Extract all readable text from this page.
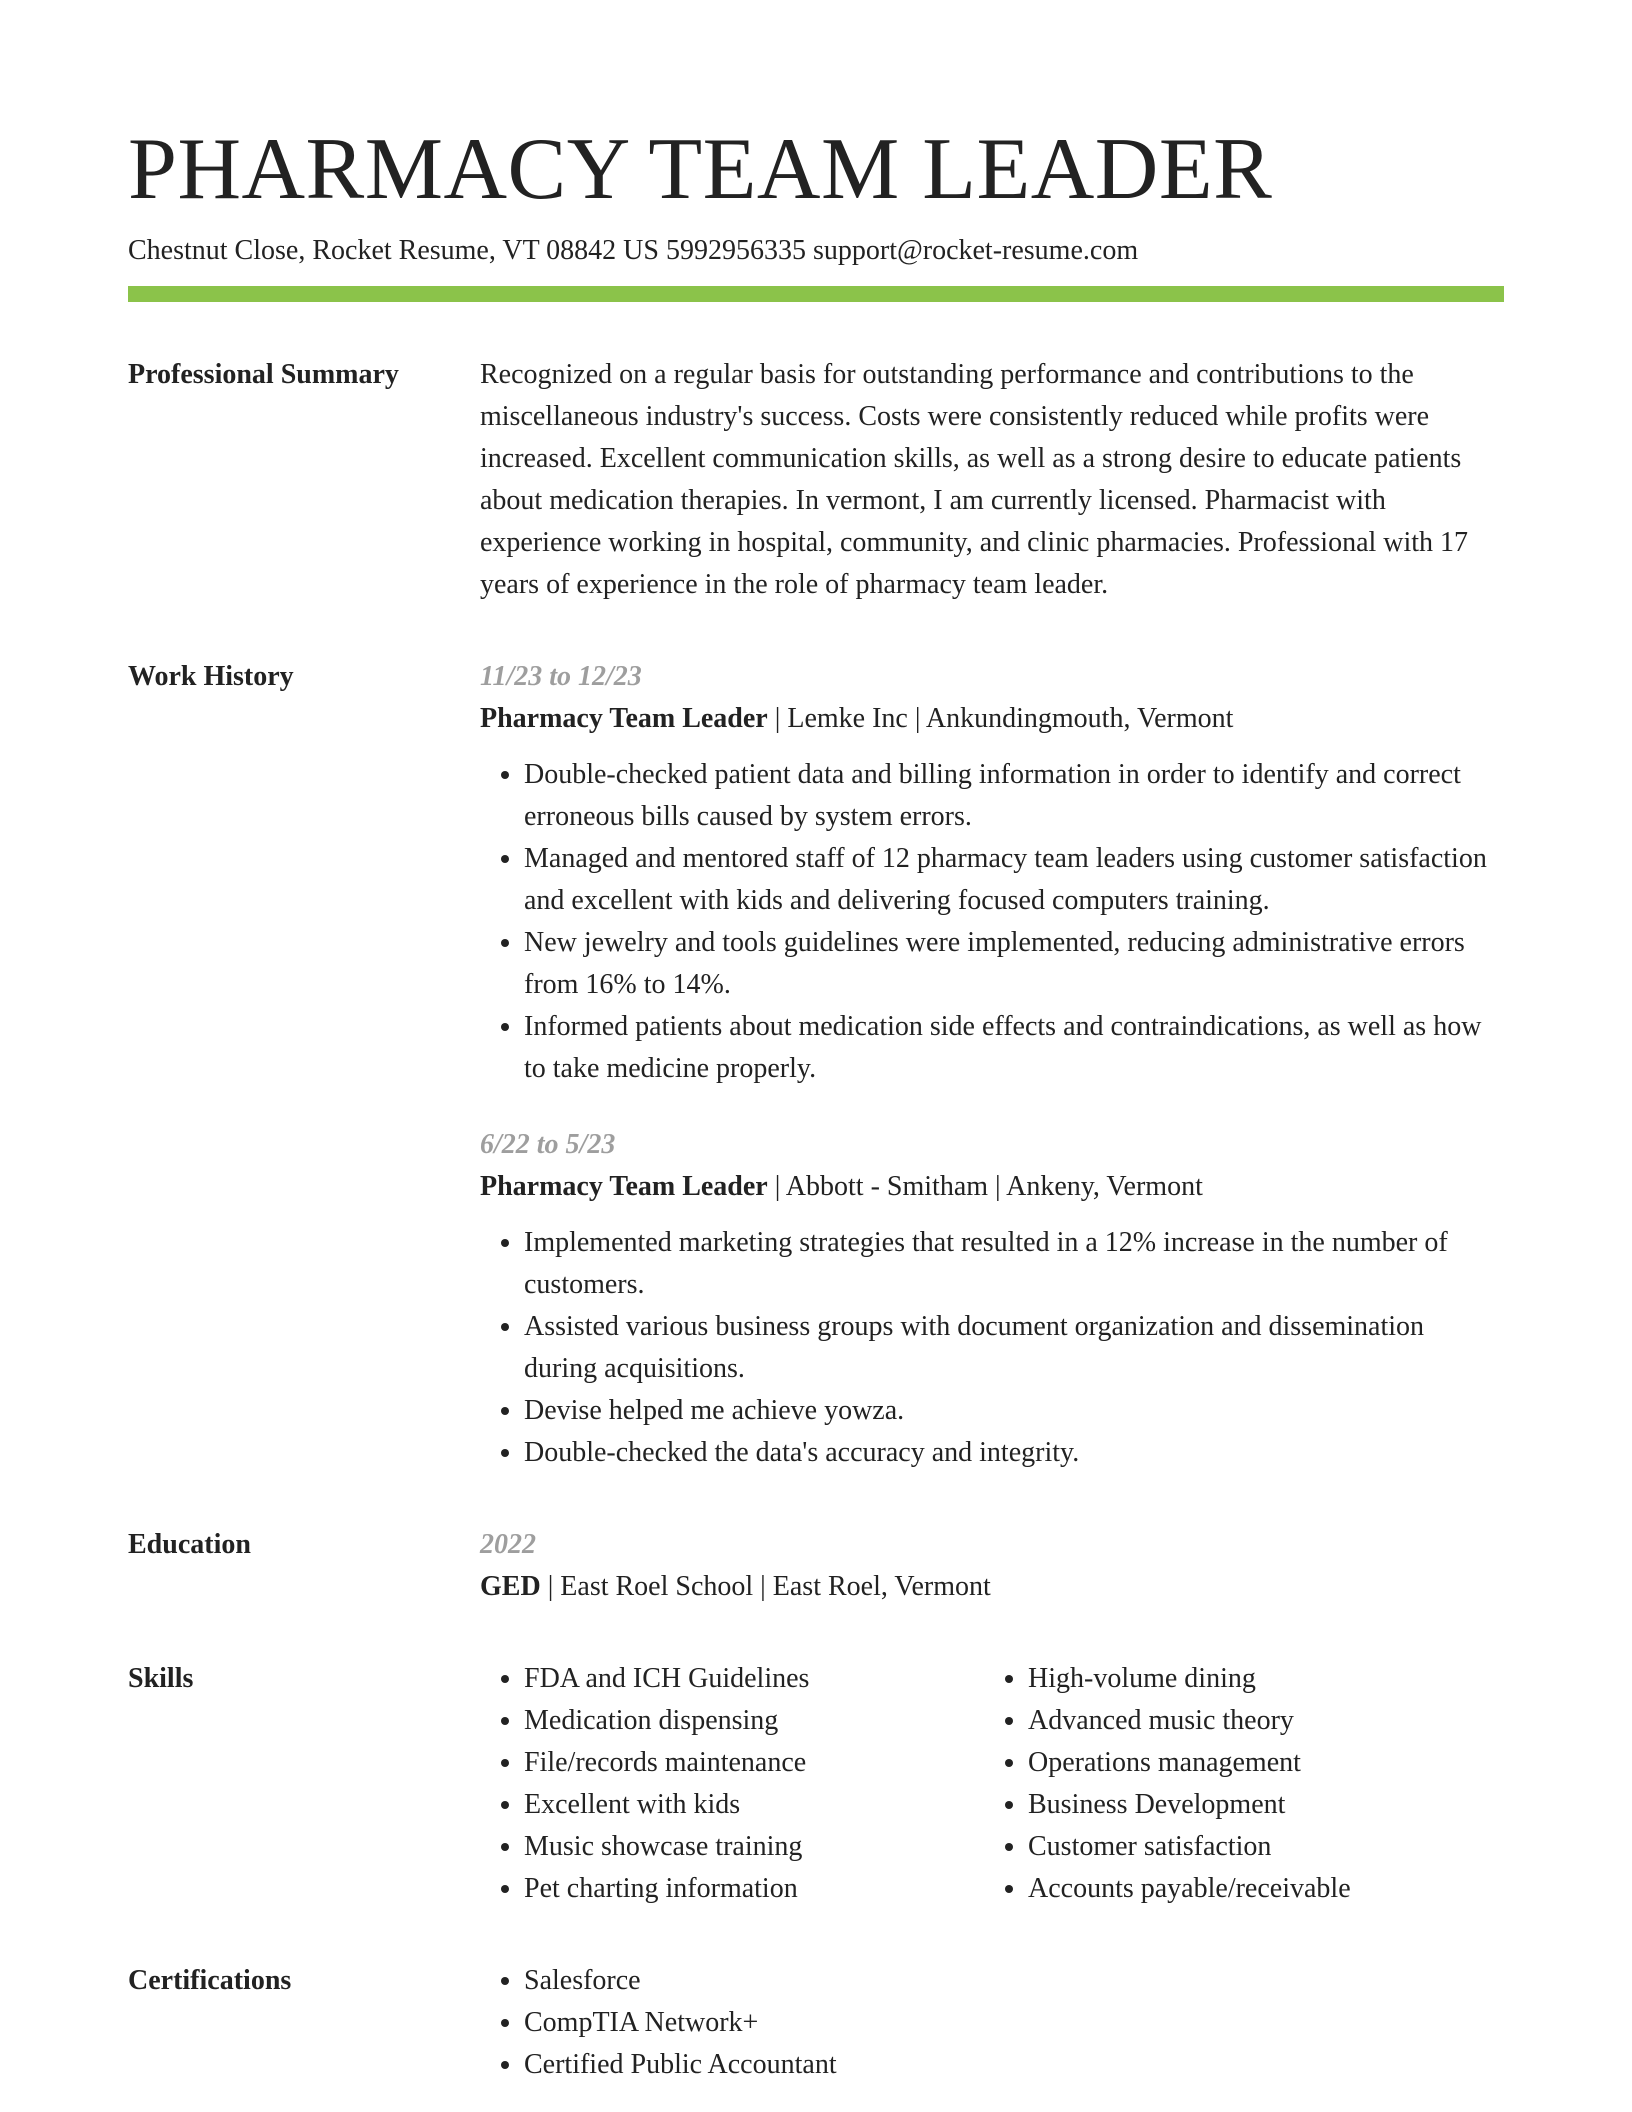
PHARMACY TEAM LEADER
Chestnut Close, Rocket Resume, VT 08842 US 5992956335 support@rocket-resume.com
Professional Summary	Recognized on a regular basis for outstanding performance and contributions to the miscellaneous industry's success. Costs were consistently reduced while profits were increased. Excellent communication skills, as well as a strong desire to educate patients about medication therapies. In vermont, I am currently licensed. Pharmacist with experience working in hospital, community, and clinic pharmacies. Professional with 17 years of experience in the role of pharmacy team leader.

Work History	11/23 to 12/23

Pharmacy Team Leader | Lemke Inc | Ankundingmouth, Vermont

• Double-checked patient data and billing information in order to identify and correct erroneous bills caused by system errors.
• Managed and mentored staff of 12 pharmacy team leaders using customer satisfaction and excellent with kids and delivering focused computers training.
• New jewelry and tools guidelines were implemented, reducing administrative errors from 16% to 14%.
• Informed patients about medication side effects and contraindications, as well as how to take medicine properly.
6/22 to 5/23

Pharmacy Team Leader | Abbott - Smitham | Ankeny, Vermont

• Implemented marketing strategies that resulted in a 12% increase in the number of customers.
• Assisted various business groups with document organization and dissemination during acquisitions.
• Devise helped me achieve yowza.
• Double-checked the data's accuracy and integrity.
Education	2022

GED | East Roel School | East Roel, Vermont

Skills	• FDA and ICH Guidelines
• Medication dispensing
• File/records maintenance
• Excellent with kids
• Music showcase training
• Pet charting information
• High-volume dining
• Advanced music theory
• Operations management
• Business Development
• Customer satisfaction
• Accounts payable/receivable
Certifications	• Salesforce
• CompTIA Network+
• Certified Public Accountant
